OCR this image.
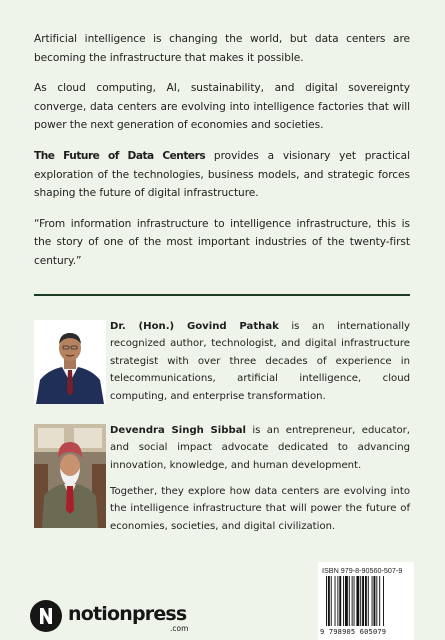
Artificial intelligence is changing the world, but data centers are becoming the infrastructure that makes it possible.

As cloud computing, AI, sustainability, and digital sovereignty converge, data centers are evolving into intelligence factories that will power the next generation of economies and societies.

The Future of Data Centers provides a visionary yet practical exploration of the technologies, business models, and strategic forces shaping the future of digital infrastructure.

“From information infrastructure to intelligence infrastructure, this is the story of one of the most important industries of the twenty-first century.”

Dr. (Hon.) Govind Pathak is an internationally recognized author, technologist, and digital infrastructure strategist with over three decades of experience in telecommunications, artificial intelligence, cloud computing, and enterprise transformation.

Devendra Singh Sibbal is an entrepreneur, educator, and social impact advocate dedicated to advancing innovation, knowledge, and human development.

Together, they explore how data centers are evolving into the intelligence infrastructure that will power the future of economies, societies, and digital civilization.

ISBN 979-8-90560-507-9
9 798905 605079
notionpress
.com
